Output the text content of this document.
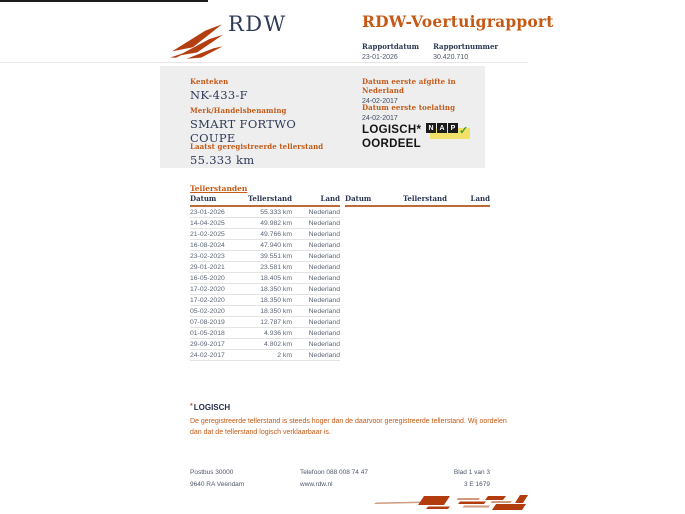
RDW	RDW-Voertuigrapport
Rapportdatum
23-01-2026
Rapportnummer
30.420.710
Kenteken
NK-433-F
Merk/Handelsbenaming
SMART FORTWO COUPE
Laatst geregistreerde tellerstand
55.333 km
Datum eerste afgifte in Nederland
24-02-2017
Datum eerste toelating
24-02-2017
LOGISCH*
OORDEEL
N A P ✓
Tellerstanden
Datum	Tellerstand	Land
23-01-2026	55.333 km	Nederland
14-04-2025	49.982 km	Nederland
21-02-2025	49.766 km	Nederland
16-08-2024	47.940 km	Nederland
23-02-2023	39.551 km	Nederland
29-01-2021	23.581 km	Nederland
16-05-2020	18.405 km	Nederland
17-02-2020	18.350 km	Nederland
17-02-2020	18.350 km	Nederland
05-02-2020	18.350 km	Nederland
07-08-2019	12.787 km	Nederland
01-05-2018	4.936 km	Nederland
29-09-2017	4.802 km	Nederland
24-02-2017	2 km	Nederland
Datum	Tellerstand	Land
*LOGISCH
De geregistreerde tellerstand is steeds hoger dan de daarvoor geregistreerde tellerstand. Wij oordelen dan dat de tellerstand logisch verklaarbaar is.
Postbus 30000
9640 RA Veendam
Telefoon 088 008 74 47
www.rdw.nl
Blad 1 van 3
3 E 1679
